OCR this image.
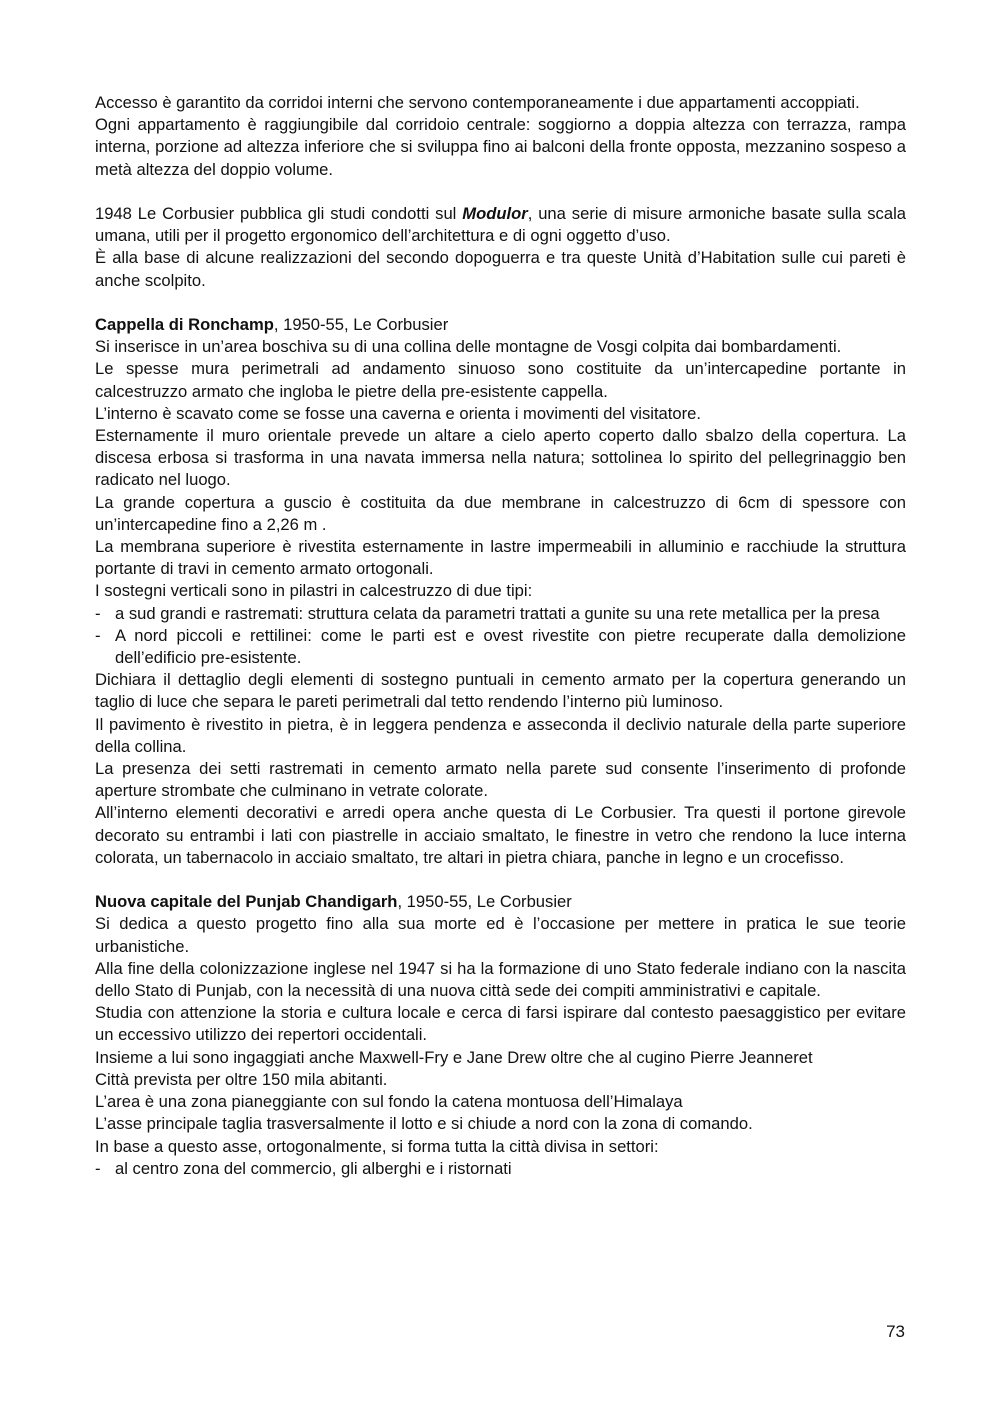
Accesso è garantito da corridoi interni che servono contemporaneamente i due appartamenti accoppiati.

Ogni appartamento è raggiungibile dal corridoio centrale: soggiorno a doppia altezza con terrazza, rampa interna, porzione ad altezza inferiore che si sviluppa fino ai balconi della fronte opposta, mezzanino sospeso a metà altezza del doppio volume.

1948 Le Corbusier pubblica gli studi condotti sul Modulor, una serie di misure armoniche basate sulla scala umana, utili per il progetto ergonomico dell’architettura e di ogni oggetto d’uso.

È alla base di alcune realizzazioni del secondo dopoguerra e tra queste Unità d’Habitation sulle cui pareti è anche scolpito.

Cappella di Ronchamp, 1950-55, Le Corbusier

Si inserisce in un’area boschiva su di una collina delle montagne de Vosgi colpita dai bombardamenti.

Le spesse mura perimetrali ad andamento sinuoso sono costituite da un’intercapedine portante in calcestruzzo armato che ingloba le pietre della pre-esistente cappella.

L’interno è scavato come se fosse una caverna e orienta i movimenti del visitatore.

Esternamente il muro orientale prevede un altare a cielo aperto coperto dallo sbalzo della copertura. La discesa erbosa si trasforma in una navata immersa nella natura; sottolinea lo spirito del pellegrinaggio ben radicato nel luogo.

La grande copertura a guscio è costituita da due membrane in calcestruzzo di 6cm di spessore con un’intercapedine fino a 2,26 m .

La membrana superiore è rivestita esternamente in lastre impermeabili in alluminio e racchiude la struttura portante di travi in cemento armato ortogonali.

I sostegni verticali sono in pilastri in calcestruzzo di due tipi:

- a sud grandi e rastremati: struttura celata da parametri trattati a gunite su una rete metallica per la presa
- A nord piccoli e rettilinei: come le parti est e ovest rivestite con pietre recuperate dalla demolizione dell’edificio pre-esistente.

Dichiara il dettaglio degli elementi di sostegno puntuali in cemento armato per la copertura generando un taglio di luce che separa le pareti perimetrali dal tetto rendendo l’interno più luminoso.

Il pavimento è rivestito in pietra, è in leggera pendenza e asseconda il declivio naturale della parte superiore della collina.

La presenza dei setti rastremati in cemento armato nella parete sud consente l’inserimento di profonde aperture strombate che culminano in vetrate colorate.

All’interno elementi decorativi e arredi opera anche questa di Le Corbusier. Tra questi il portone girevole decorato su entrambi i lati con piastrelle in acciaio smaltato, le finestre in vetro che rendono la luce interna colorata, un tabernacolo in acciaio smaltato, tre altari in pietra chiara, panche in legno e un crocefisso.

Nuova capitale del Punjab Chandigarh, 1950-55, Le Corbusier

Si dedica a questo progetto fino alla sua morte ed è l’occasione per mettere in pratica le sue teorie urbanistiche.

Alla fine della colonizzazione inglese nel 1947 si ha la formazione di uno Stato federale indiano con la nascita dello Stato di Punjab, con la necessità di una nuova città sede dei compiti amministrativi e capitale.

Studia con attenzione la storia e cultura locale e cerca di farsi ispirare dal contesto paesaggistico per evitare un eccessivo utilizzo dei repertori occidentali.

Insieme a lui sono ingaggiati anche Maxwell-Fry e Jane Drew oltre che al cugino Pierre Jeanneret

Città prevista per oltre 150 mila abitanti.

L’area è una zona pianeggiante con sul fondo la catena montuosa dell’Himalaya

L’asse principale taglia trasversalmente il lotto e si chiude a nord con la zona di comando.

In base a questo asse, ortogonalmente, si forma tutta la città divisa in settori:

- al centro zona del commercio, gli alberghi e i ristornati
73
